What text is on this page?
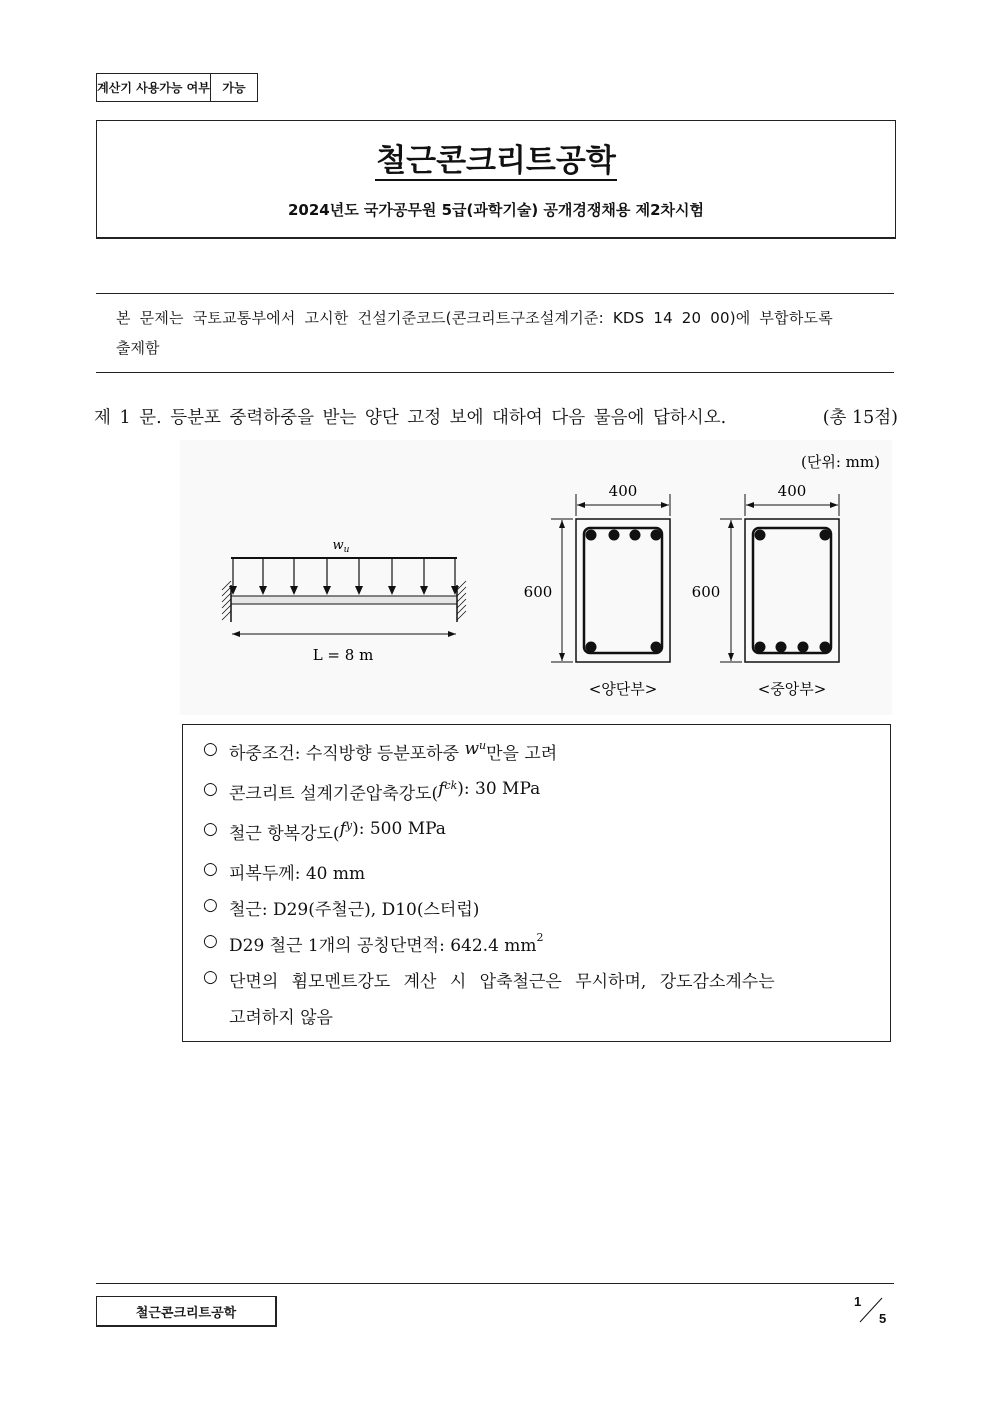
계산기 사용가능 여부	가능
철근콘크리트공학
2024년도 국가공무원 5급(과학기술) 공개경쟁채용 제2차시험

본 문제는 국토교통부에서 고시한 건설기준코드(콘크리트구조설계기준: KDS 14 20 00)에 부합하도록

출제함

제 1 문. 등분포 중력하중을 받는 양단 고정 보에 대하여 다음 물음에 답하시오.	(총 15점)
(단위: mm)
$w_u$
L = 8 m
400
600
<양단부>
400
600
<중앙부>
○ 하중조건: 수직방향 등분포하중 w u 만을 고려
○ 콘크리트 설계기준압축강도( f ck ): 30 MPa
○ 철근 항복강도( f y ): 500 MPa
○ 피복두께: 40 mm
○ 철근: D29(주철근), D10(스터럽)
○ D29 철근 1개의 공칭단면적: 642.4 mm 2
○ 단면의 휨모멘트강도 계산 시 압축철근은 무시하며, 강도감소계수는
고려하지 않음
철근콘크리트공학
1
5
